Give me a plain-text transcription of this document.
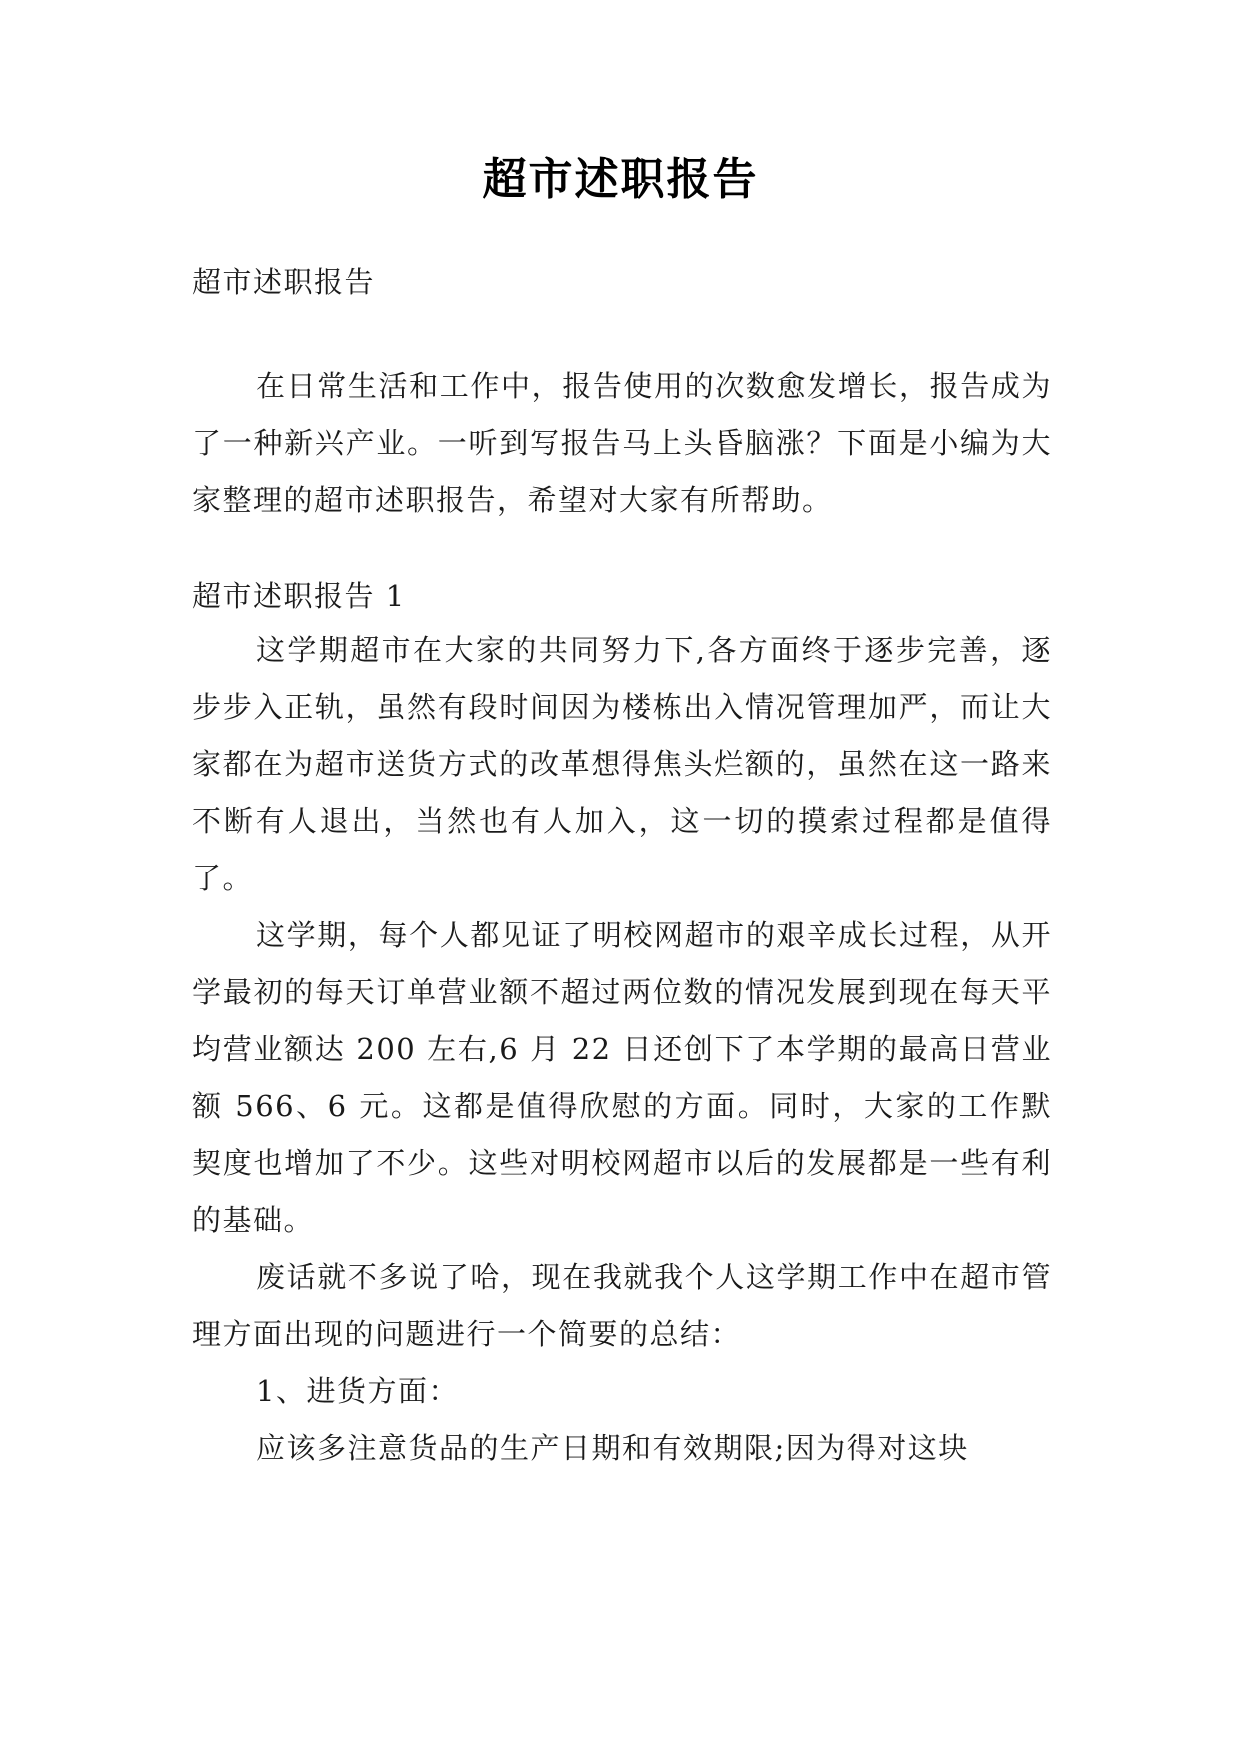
超市述职报告
超市述职报告

在日常生活和工作中，报告使用的次数愈发增长，报告成为了一种新兴产业。一听到写报告马上头昏脑涨？下面是小编为大家整理的超市述职报告，希望对大家有所帮助。

超市述职报告 1

这学期超市在大家的共同努力下,各方面终于逐步完善，逐步步入正轨，虽然有段时间因为楼栋出入情况管理加严，而让大家都在为超市送货方式的改革想得焦头烂额的，虽然在这一路来不断有人退出，当然也有人加入，这一切的摸索过程都是值得了。

这学期，每个人都见证了明校网超市的艰辛成长过程，从开学最初的每天订单营业额不超过两位数的情况发展到现在每天平均营业额达 200 左右,6 月 22 日还创下了本学期的最高日营业额 566、6 元。这都是值得欣慰的方面。同时，大家的工作默契度也增加了不少。这些对明校网超市以后的发展都是一些有利的基础。

废话就不多说了哈，现在我就我个人这学期工作中在超市管理方面出现的问题进行一个简要的总结：

1、进货方面：

应该多注意货品的生产日期和有效期限;因为得对这块
